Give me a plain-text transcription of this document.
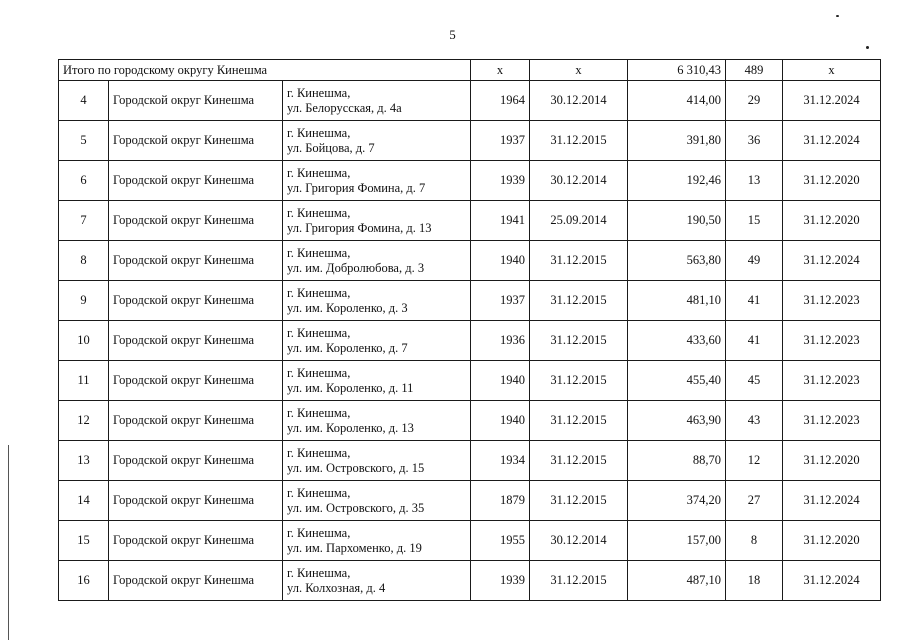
5
Итого по городскому округу Кинешма			x	x	6 310,43	489	x
4	Городской округ Кинешма	г. Кинешма,
ул. Белорусская, д. 4а	1964	30.12.2014	414,00	29	31.12.2024
5	Городской округ Кинешма	г. Кинешма,
ул. Бойцова, д. 7	1937	31.12.2015	391,80	36	31.12.2024
6	Городской округ Кинешма	г. Кинешма,
ул. Григория Фомина, д. 7	1939	30.12.2014	192,46	13	31.12.2020
7	Городской округ Кинешма	г. Кинешма,
ул. Григория Фомина, д. 13	1941	25.09.2014	190,50	15	31.12.2020
8	Городской округ Кинешма	г. Кинешма,
ул. им. Добролюбова, д. 3	1940	31.12.2015	563,80	49	31.12.2024
9	Городской округ Кинешма	г. Кинешма,
ул. им. Короленко, д. 3	1937	31.12.2015	481,10	41	31.12.2023
10	Городской округ Кинешма	г. Кинешма,
ул. им. Короленко, д. 7	1936	31.12.2015	433,60	41	31.12.2023
11	Городской округ Кинешма	г. Кинешма,
ул. им. Короленко, д. 11	1940	31.12.2015	455,40	45	31.12.2023
12	Городской округ Кинешма	г. Кинешма,
ул. им. Короленко, д. 13	1940	31.12.2015	463,90	43	31.12.2023
13	Городской округ Кинешма	г. Кинешма,
ул. им. Островского, д. 15	1934	31.12.2015	88,70	12	31.12.2020
14	Городской округ Кинешма	г. Кинешма,
ул. им. Островского, д. 35	1879	31.12.2015	374,20	27	31.12.2024
15	Городской округ Кинешма	г. Кинешма,
ул. им. Пархоменко, д. 19	1955	30.12.2014	157,00	8	31.12.2020
16	Городской округ Кинешма	г. Кинешма,
ул. Колхозная, д. 4	1939	31.12.2015	487,10	18	31.12.2024
